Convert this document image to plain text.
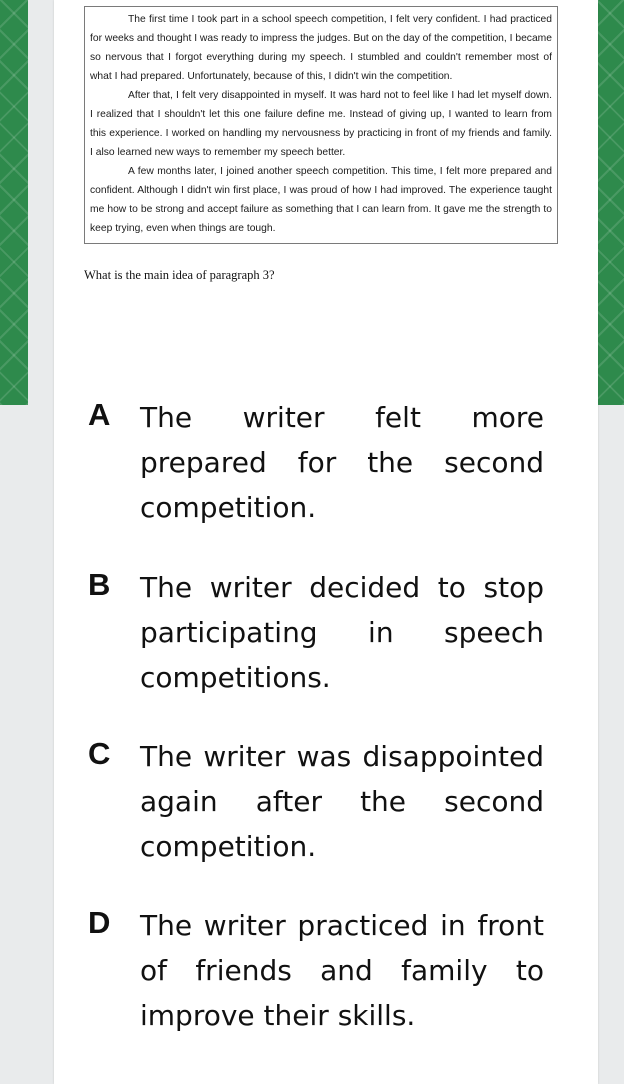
The first time I took part in a school speech competition, I felt very confident. I had practiced for weeks and thought I was ready to impress the judges. But on the day of the competition, I became so nervous that I forgot everything during my speech. I stumbled and couldn't remember most of what I had prepared. Unfortunately, because of this, I didn't win the competition.

After that, I felt very disappointed in myself. It was hard not to feel like I had let myself down. I realized that I shouldn't let this one failure define me. Instead of giving up, I wanted to learn from this experience. I worked on handling my nervousness by practicing in front of my friends and family. I also learned new ways to remember my speech better.

A few months later, I joined another speech competition. This time, I felt more prepared and confident. Although I didn't win first place, I was proud of how I had improved. The experience taught me how to be strong and accept failure as something that I can learn from. It gave me the strength to keep trying, even when things are tough.

What is the main idea of paragraph 3?
A The writer felt more prepared for the second competition.
B The writer decided to stop participating in speech competitions.
C The writer was disappointed again after the second competition.
D The writer practiced in front of friends and family to improve their skills.
